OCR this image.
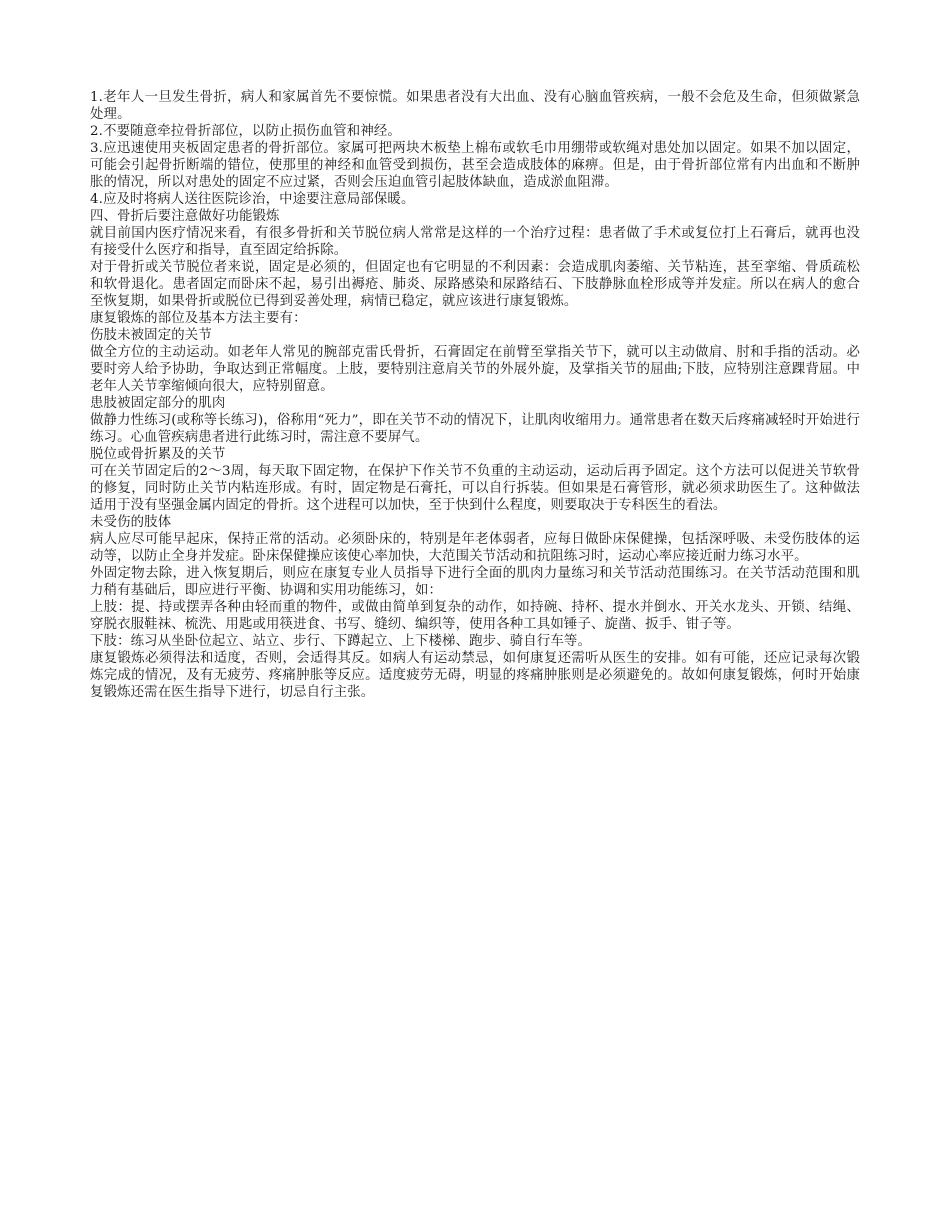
1.老年人一旦发生骨折，病人和家属首先不要惊慌。如果患者没有大出血、没有心脑血管疾病，一般不会危及生命，但须做紧急处理。

2.不要随意牵拉骨折部位，以防止损伤血管和神经。

3.应迅速使用夹板固定患者的骨折部位。家属可把两块木板垫上棉布或软毛巾用绷带或软绳对患处加以固定。如果不加以固定，可能会引起骨折断端的错位，使那里的神经和血管受到损伤，甚至会造成肢体的麻痹。但是，由于骨折部位常有内出血和不断肿胀的情况，所以对患处的固定不应过紧，否则会压迫血管引起肢体缺血，造成淤血阻滞。

4.应及时将病人送往医院诊治，中途要注意局部保暖。

四、骨折后要注意做好功能锻炼

就目前国内医疗情况来看，有很多骨折和关节脱位病人常常是这样的一个治疗过程：患者做了手术或复位打上石膏后，就再也没有接受什么医疗和指导，直至固定给拆除。

对于骨折或关节脱位者来说，固定是必须的，但固定也有它明显的不利因素：会造成肌肉萎缩、关节粘连，甚至挛缩、骨质疏松和软骨退化。患者固定而卧床不起，易引出褥疮、肺炎、尿路感染和尿路结石、下肢静脉血栓形成等并发症。所以在病人的愈合至恢复期，如果骨折或脱位已得到妥善处理，病情已稳定，就应该进行康复锻炼。

康复锻炼的部位及基本方法主要有：

伤肢未被固定的关节

做全方位的主动运动。如老年人常见的腕部克雷氏骨折，石膏固定在前臂至掌指关节下，就可以主动做肩、肘和手指的活动。必要时旁人给予协助，争取达到正常幅度。上肢，要特别注意肩关节的外展外旋，及掌指关节的屈曲;下肢，应特别注意踝背屈。中老年人关节挛缩倾向很大，应特别留意。

患肢被固定部分的肌肉

做静力性练习(或称等长练习)，俗称用“死力”，即在关节不动的情况下，让肌肉收缩用力。通常患者在数天后疼痛减轻时开始进行练习。心血管疾病患者进行此练习时，需注意不要屏气。

脱位或骨折累及的关节

可在关节固定后的2～3周，每天取下固定物，在保护下作关节不负重的主动运动，运动后再予固定。这个方法可以促进关节软骨的修复，同时防止关节内粘连形成。有时，固定物是石膏托，可以自行拆装。但如果是石膏管形，就必须求助医生了。这种做法适用于没有坚强金属内固定的骨折。这个进程可以加快，至于快到什么程度，则要取决于专科医生的看法。

未受伤的肢体

病人应尽可能早起床，保持正常的活动。必须卧床的，特别是年老体弱者，应每日做卧床保健操，包括深呼吸、未受伤肢体的运动等，以防止全身并发症。卧床保健操应该使心率加快，大范围关节活动和抗阻练习时，运动心率应接近耐力练习水平。

外固定物去除，进入恢复期后，则应在康复专业人员指导下进行全面的肌肉力量练习和关节活动范围练习。在关节活动范围和肌力稍有基础后，即应进行平衡、协调和实用功能练习，如：

上肢：提、持或摆弄各种由轻而重的物件，或做由简单到复杂的动作，如持碗、持杯、提水并倒水、开关水龙头、开锁、结绳、穿脱衣服鞋袜、梳洗、用匙或用筷进食、书写、缝纫、编织等，使用各种工具如锤子、旋凿、扳手、钳子等。

下肢：练习从坐卧位起立、站立、步行、下蹲起立、上下楼梯、跑步、骑自行车等。

康复锻炼必须得法和适度，否则，会适得其反。如病人有运动禁忌，如何康复还需听从医生的安排。如有可能，还应记录每次锻炼完成的情况，及有无疲劳、疼痛肿胀等反应。适度疲劳无碍，明显的疼痛肿胀则是必须避免的。故如何康复锻炼，何时开始康复锻炼还需在医生指导下进行，切忌自行主张。
